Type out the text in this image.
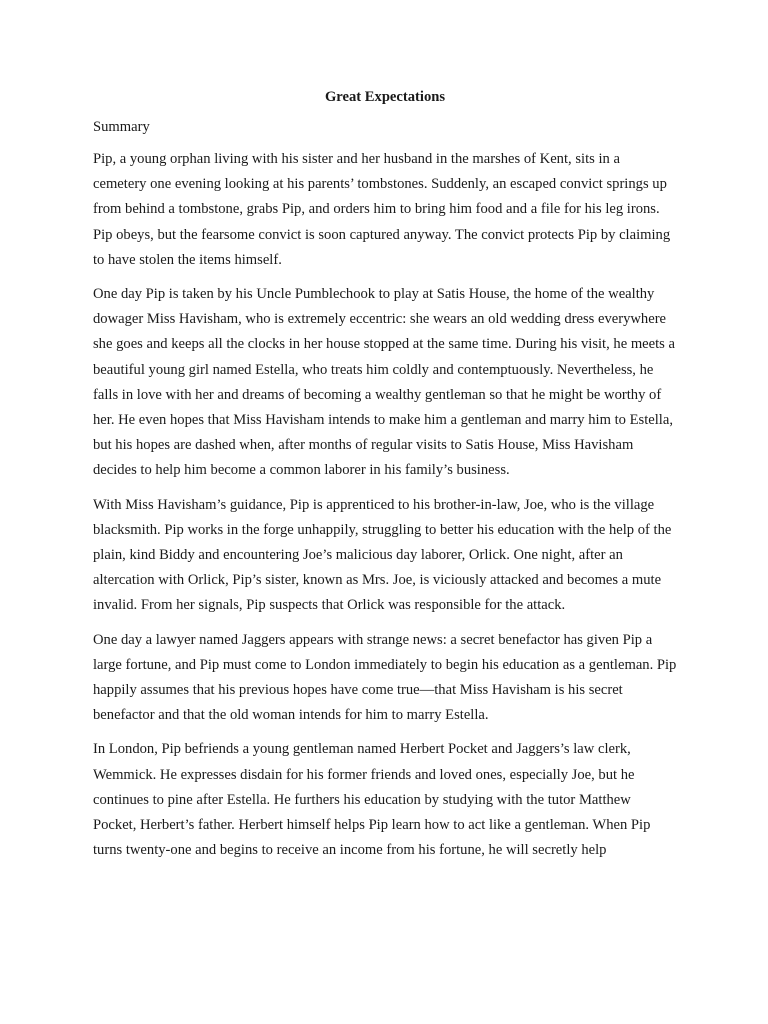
Great Expectations
Summary

Pip, a young orphan living with his sister and her husband in the marshes of Kent, sits in a cemetery one evening looking at his parents’ tombstones. Suddenly, an escaped convict springs up from behind a tombstone, grabs Pip, and orders him to bring him food and a file for his leg irons. Pip obeys, but the fearsome convict is soon captured anyway. The convict protects Pip by claiming to have stolen the items himself.

One day Pip is taken by his Uncle Pumblechook to play at Satis House, the home of the wealthy dowager Miss Havisham, who is extremely eccentric: she wears an old wedding dress everywhere she goes and keeps all the clocks in her house stopped at the same time. During his visit, he meets a beautiful young girl named Estella, who treats him coldly and contemptuously. Nevertheless, he falls in love with her and dreams of becoming a wealthy gentleman so that he might be worthy of her. He even hopes that Miss Havisham intends to make him a gentleman and marry him to Estella, but his hopes are dashed when, after months of regular visits to Satis House, Miss Havisham decides to help him become a common laborer in his family’s business.

With Miss Havisham’s guidance, Pip is apprenticed to his brother-in-law, Joe, who is the village blacksmith. Pip works in the forge unhappily, struggling to better his education with the help of the plain, kind Biddy and encountering Joe’s malicious day laborer, Orlick. One night, after an altercation with Orlick, Pip’s sister, known as Mrs. Joe, is viciously attacked and becomes a mute invalid. From her signals, Pip suspects that Orlick was responsible for the attack.

One day a lawyer named Jaggers appears with strange news: a secret benefactor has given Pip a large fortune, and Pip must come to London immediately to begin his education as a gentleman. Pip happily assumes that his previous hopes have come true—that Miss Havisham is his secret benefactor and that the old woman intends for him to marry Estella.

In London, Pip befriends a young gentleman named Herbert Pocket and Jaggers’s law clerk, Wemmick. He expresses disdain for his former friends and loved ones, especially Joe, but he continues to pine after Estella. He furthers his education by studying with the tutor Matthew Pocket, Herbert’s father. Herbert himself helps Pip learn how to act like a gentleman. When Pip turns twenty-one and begins to receive an income from his fortune, he will secretly help
